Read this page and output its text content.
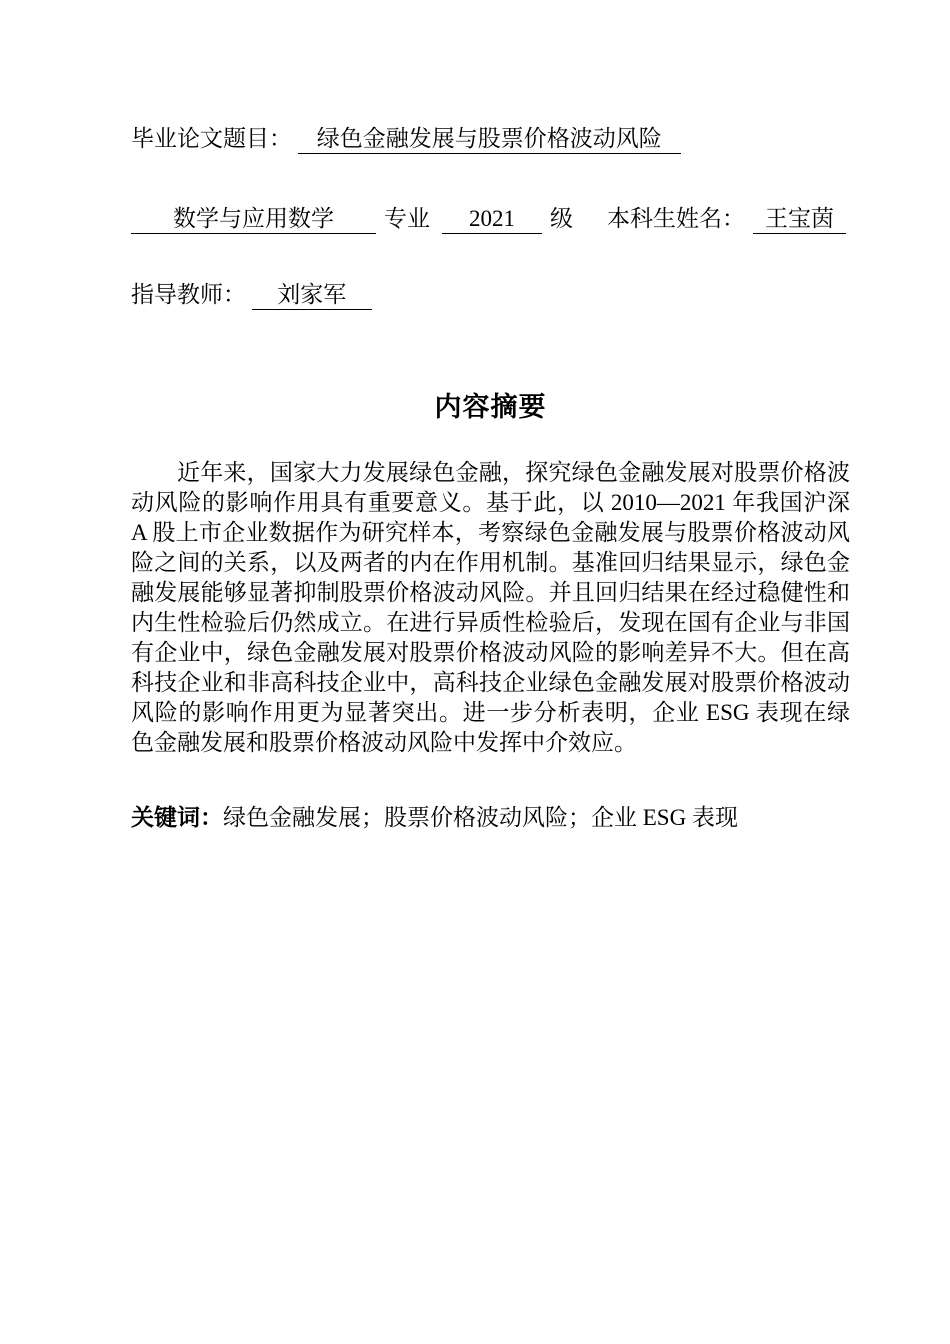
毕业论文题目： 绿色金融发展与股票价格波动风险
数学与应用数学 专业 2021 级 本科生姓名： 王宝茵
指导教师： 刘家军
内容摘要

近年来，国家大力发展绿色金融，探究绿色金融发展对股票价格波动风险的影响作用具有重要意义。基于此，以 2010—2021 年我国沪深 A 股上市企业数据作为研究样本，考察绿色金融发展与股票价格波动风险之间的关系，以及两者的内在作用机制。基准回归结果显示，绿色金融发展能够显著抑制股票价格波动风险。并且回归结果在经过稳健性和内生性检验后仍然成立。在进行异质性检验后，发现在国有企业与非国有企业中，绿色金融发展对股票价格波动风险的影响差异不大。但在高科技企业和非高科技企业中，高科技企业绿色金融发展对股票价格波动风险的影响作用更为显著突出。进一步分析表明，企业 ESG 表现在绿色金融发展和股票价格波动风险中发挥中介效应。

关键词：绿色金融发展；股票价格波动风险；企业 ESG 表现
